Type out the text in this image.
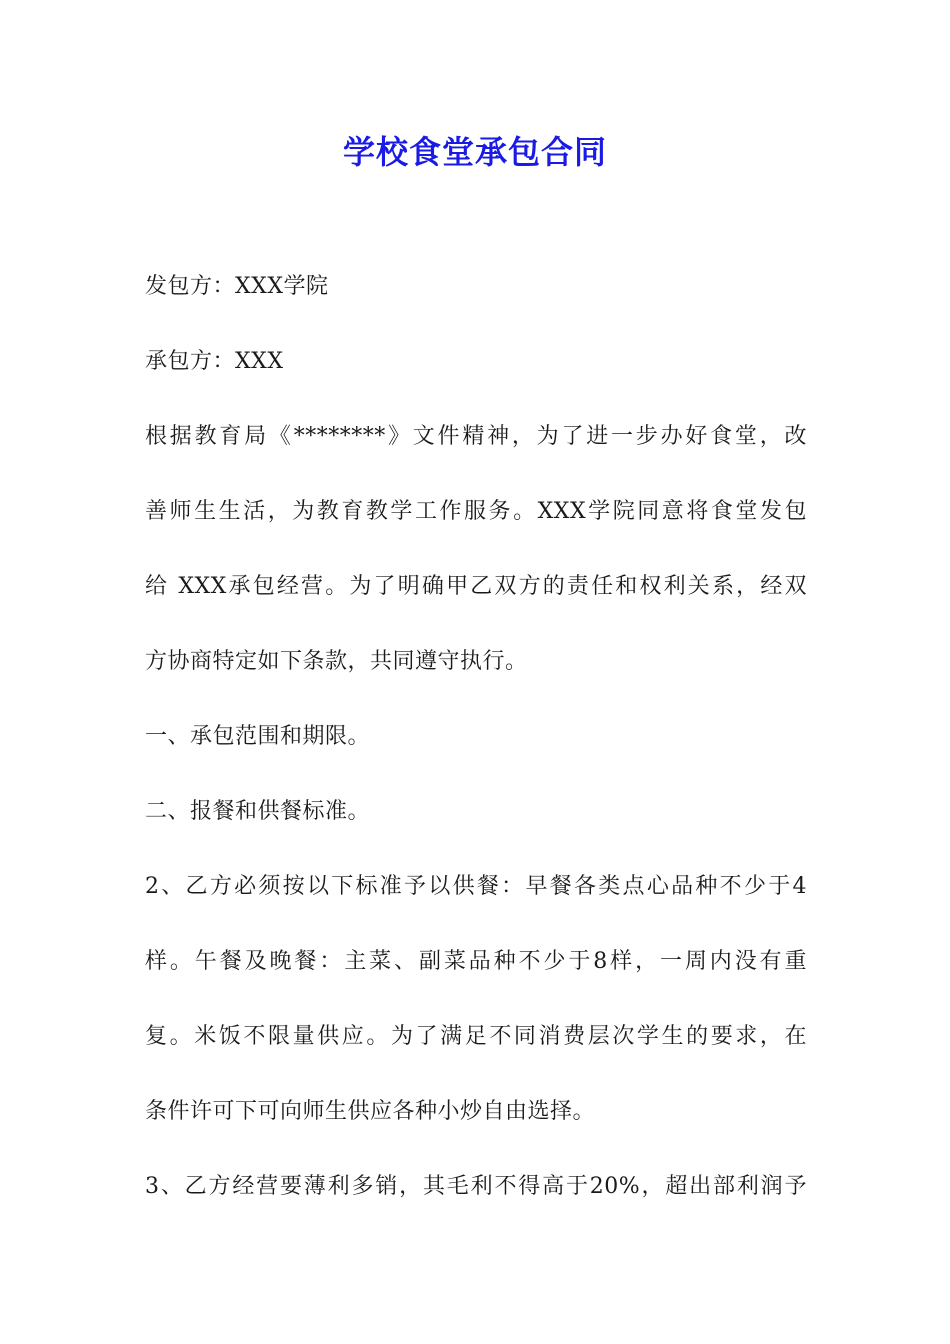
学校食堂承包合同
发包方：XXX学院
承包方：XXX
根据教育局《********》文件精神，为了进一步办好食堂，改
善师生生活，为教育教学工作服务。XXX学院同意将食堂发包
给 XXX承包经营。为了明确甲乙双方的责任和权利关系，经双
方协商特定如下条款，共同遵守执行。
一、承包范围和期限。
二、报餐和供餐标准。
2、乙方必须按以下标准予以供餐：早餐各类点心品种不少于4
样。午餐及晚餐：主菜、副菜品种不少于8样，一周内没有重
复。米饭不限量供应。为了满足不同消费层次学生的要求，在
条件许可下可向师生供应各种小炒自由选择。
3、乙方经营要薄利多销，其毛利不得高于20%，超出部利润予
